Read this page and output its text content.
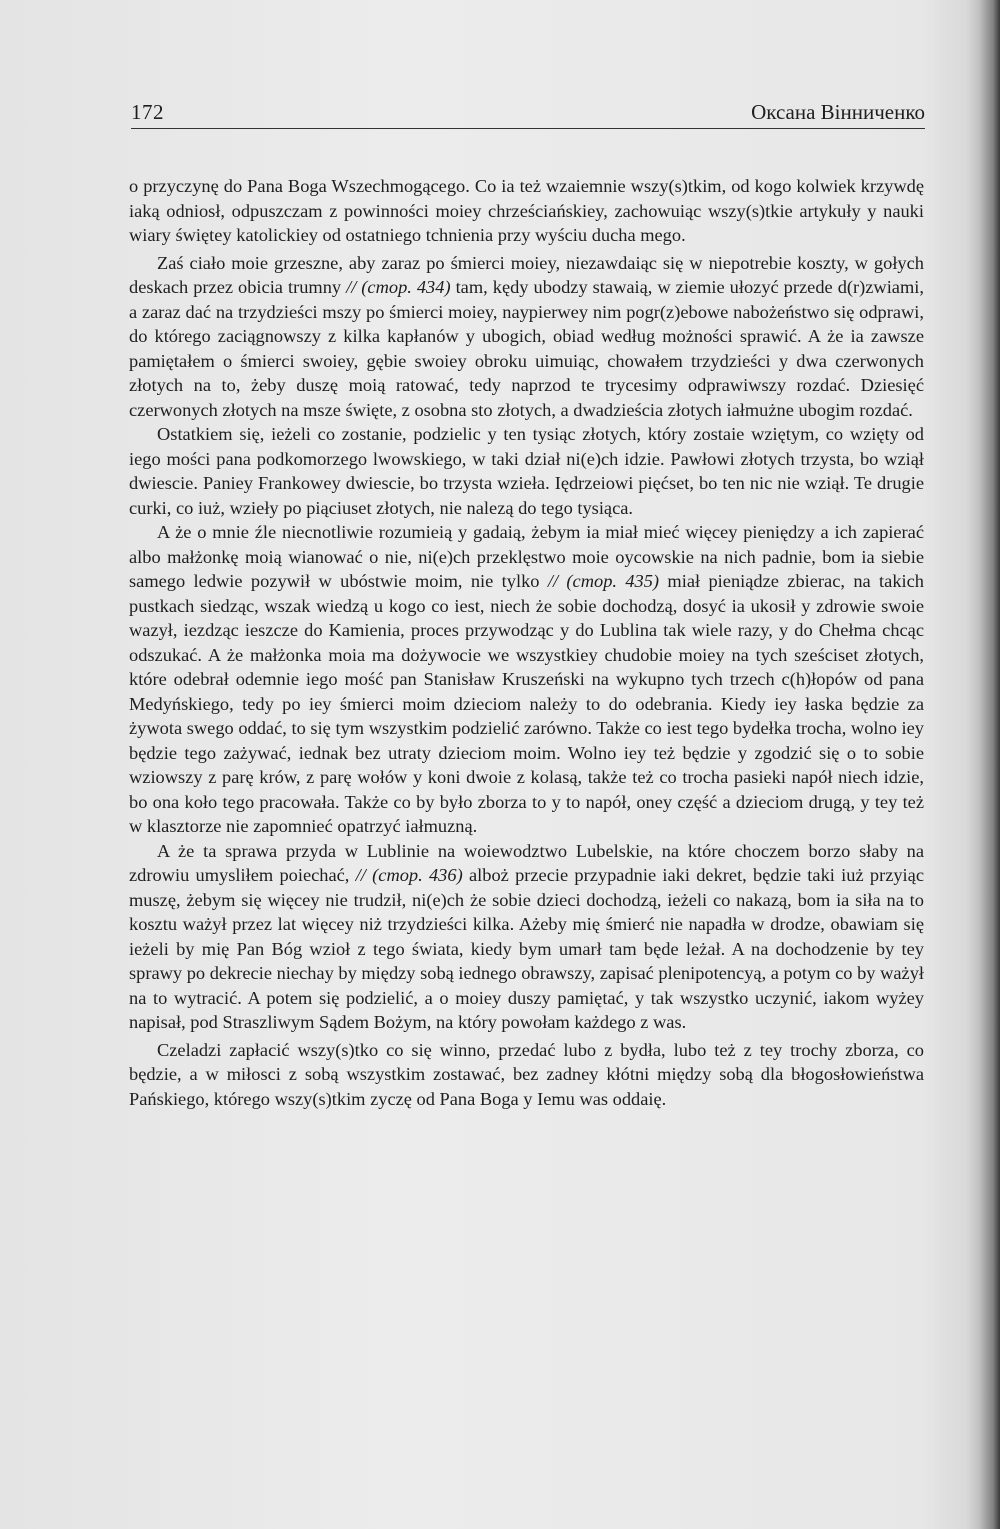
172	Оксана Вінниченко

o przyczynę do Pana Boga Wszechmogącego. Co ia też wzaiemnie wszy(s)tkim, od kogo kolwiek krzywdę iaką odniosł, odpuszczam z powinności moiey chrześciańskiey, zachowuiąc wszy(s)tkie artykuły y nauki wiary świętey katolickiey od ostatniego tchnienia przy wyściu ducha mego.

Zaś ciało moie grzeszne, aby zaraz po śmierci moiey, niezawdaiąc się w niepotrebie koszty, w gołych deskach przez obicia trumny // (стор. 434) tam, kędy ubodzy stawaią, w ziemie ułozyć przede d(r)zwiami, a zaraz dać na trzydzieści mszy po śmierci moiey, naypierwey nim pogr(z)ebowe nabożeństwo się odprawi, do którego zaciągnowszy z kilka kapłanów y ubogich, obiad według możności sprawić. A że ia zawsze pamiętałem o śmierci swoiey, gębie swoiey obroku uimuiąc, chowałem trzydzieści y dwa czerwonych złotych na to, żeby duszę moią ratować, tedy naprzod te trycesimy odprawiwszy rozdać. Dziesięć czerwonych złotych na msze święte, z osobna sto złotych, a dwadzieścia złotych iałmużne ubogim rozdać.

Ostatkiem się, ieżeli co zostanie, podzielic y ten tysiąc złotych, który zostaie wziętym, co wzięty od iego mości pana podkomorzego lwowskiego, w taki dział ni(e)ch idzie. Pawłowi złotych trzysta, bo wziął dwiescie. Paniey Frankowey dwiescie, bo trzysta wzieła. Iędrzeiowi pięćset, bo ten nic nie wziął. Te drugie curki, co iuż, wzieły po piąciuset złotych, nie nalezą do tego tysiąca.

A że o mnie źle niecnotliwie rozumieią y gadaią, żebym ia miał mieć więcey pieniędzy a ich zapierać albo małżonkę moią wianować o nie, ni(e)ch przeklęstwo moie oycowskie na nich padnie, bom ia siebie samego ledwie pozywił w ubóstwie moim, nie tylko // (стор. 435) miał pieniądze zbierac, na takich pustkach siedząc, wszak wiedzą u kogo co iest, niech że sobie dochodzą, dosyć ia ukosił y zdrowie swoie wazył, iezdząc ieszcze do Kamienia, proces przywodząc y do Lublina tak wiele razy, y do Chełma chcąc odszukać. A że małżonka moia ma dożywocie we wszystkiey chudobie moiey na tych sześciset złotych, które odebrał odemnie iego mość pan Stanisław Kruszeński na wykupno tych trzech c(h)łopów od pana Medyńskiego, tedy po iey śmierci moim dzieciom należy to do odebrania. Kiedy iey łaska będzie za żywota swego oddać, to się tym wszystkim podzielić zarówno. Także co iest tego bydełka trocha, wolno iey będzie tego zażywać, iednak bez utraty dzieciom moim. Wolno iey też będzie y zgodzić się o to sobie wziowszy z parę krów, z parę wołów y koni dwoie z kolasą, także też co trocha pasieki napół niech idzie, bo ona koło tego pracowała. Także co by było zborza to y to napół, oney część a dzieciom drugą, y tey też w klasztorze nie zapomnieć opatrzyć iałmuzną.

A że ta sprawa przyda w Lublinie na woiewodztwo Lubelskie, na które choczem borzo słaby na zdrowiu umysliłem poiechać, // (стор. 436) alboż przecie przypadnie iaki dekret, będzie taki iuż przyiąc muszę, żebym się więcey nie trudził, ni(e)ch że sobie dzieci dochodzą, ieżeli co nakazą, bom ia siła na to kosztu ważył przez lat więcey niż trzydzieści kilka. Ażeby mię śmierć nie napadła w drodze, obawiam się ieżeli by mię Pan Bóg wzioł z tego świata, kiedy bym umarł tam będe leżał. A na dochodzenie by tey sprawy po dekrecie niechay by między sobą iednego obrawszy, zapisać plenipotencyą, a potym co by ważył na to wytracić. A potem się podzielić, a o moiey duszy pamiętać, y tak wszystko uczynić, iakom wyżey napisał, pod Straszliwym Sądem Bożym, na który powołam każdego z was.

Czeladzi zapłacić wszy(s)tko co się winno, przedać lubo z bydła, lubo też z tey trochy zborza, co będzie, a w miłosci z sobą wszystkim zostawać, bez zadney kłótni między sobą dla błogosłowieństwa Pańskiego, którego wszy(s)tkim zyczę od Pana Boga y Iemu was oddaię.
